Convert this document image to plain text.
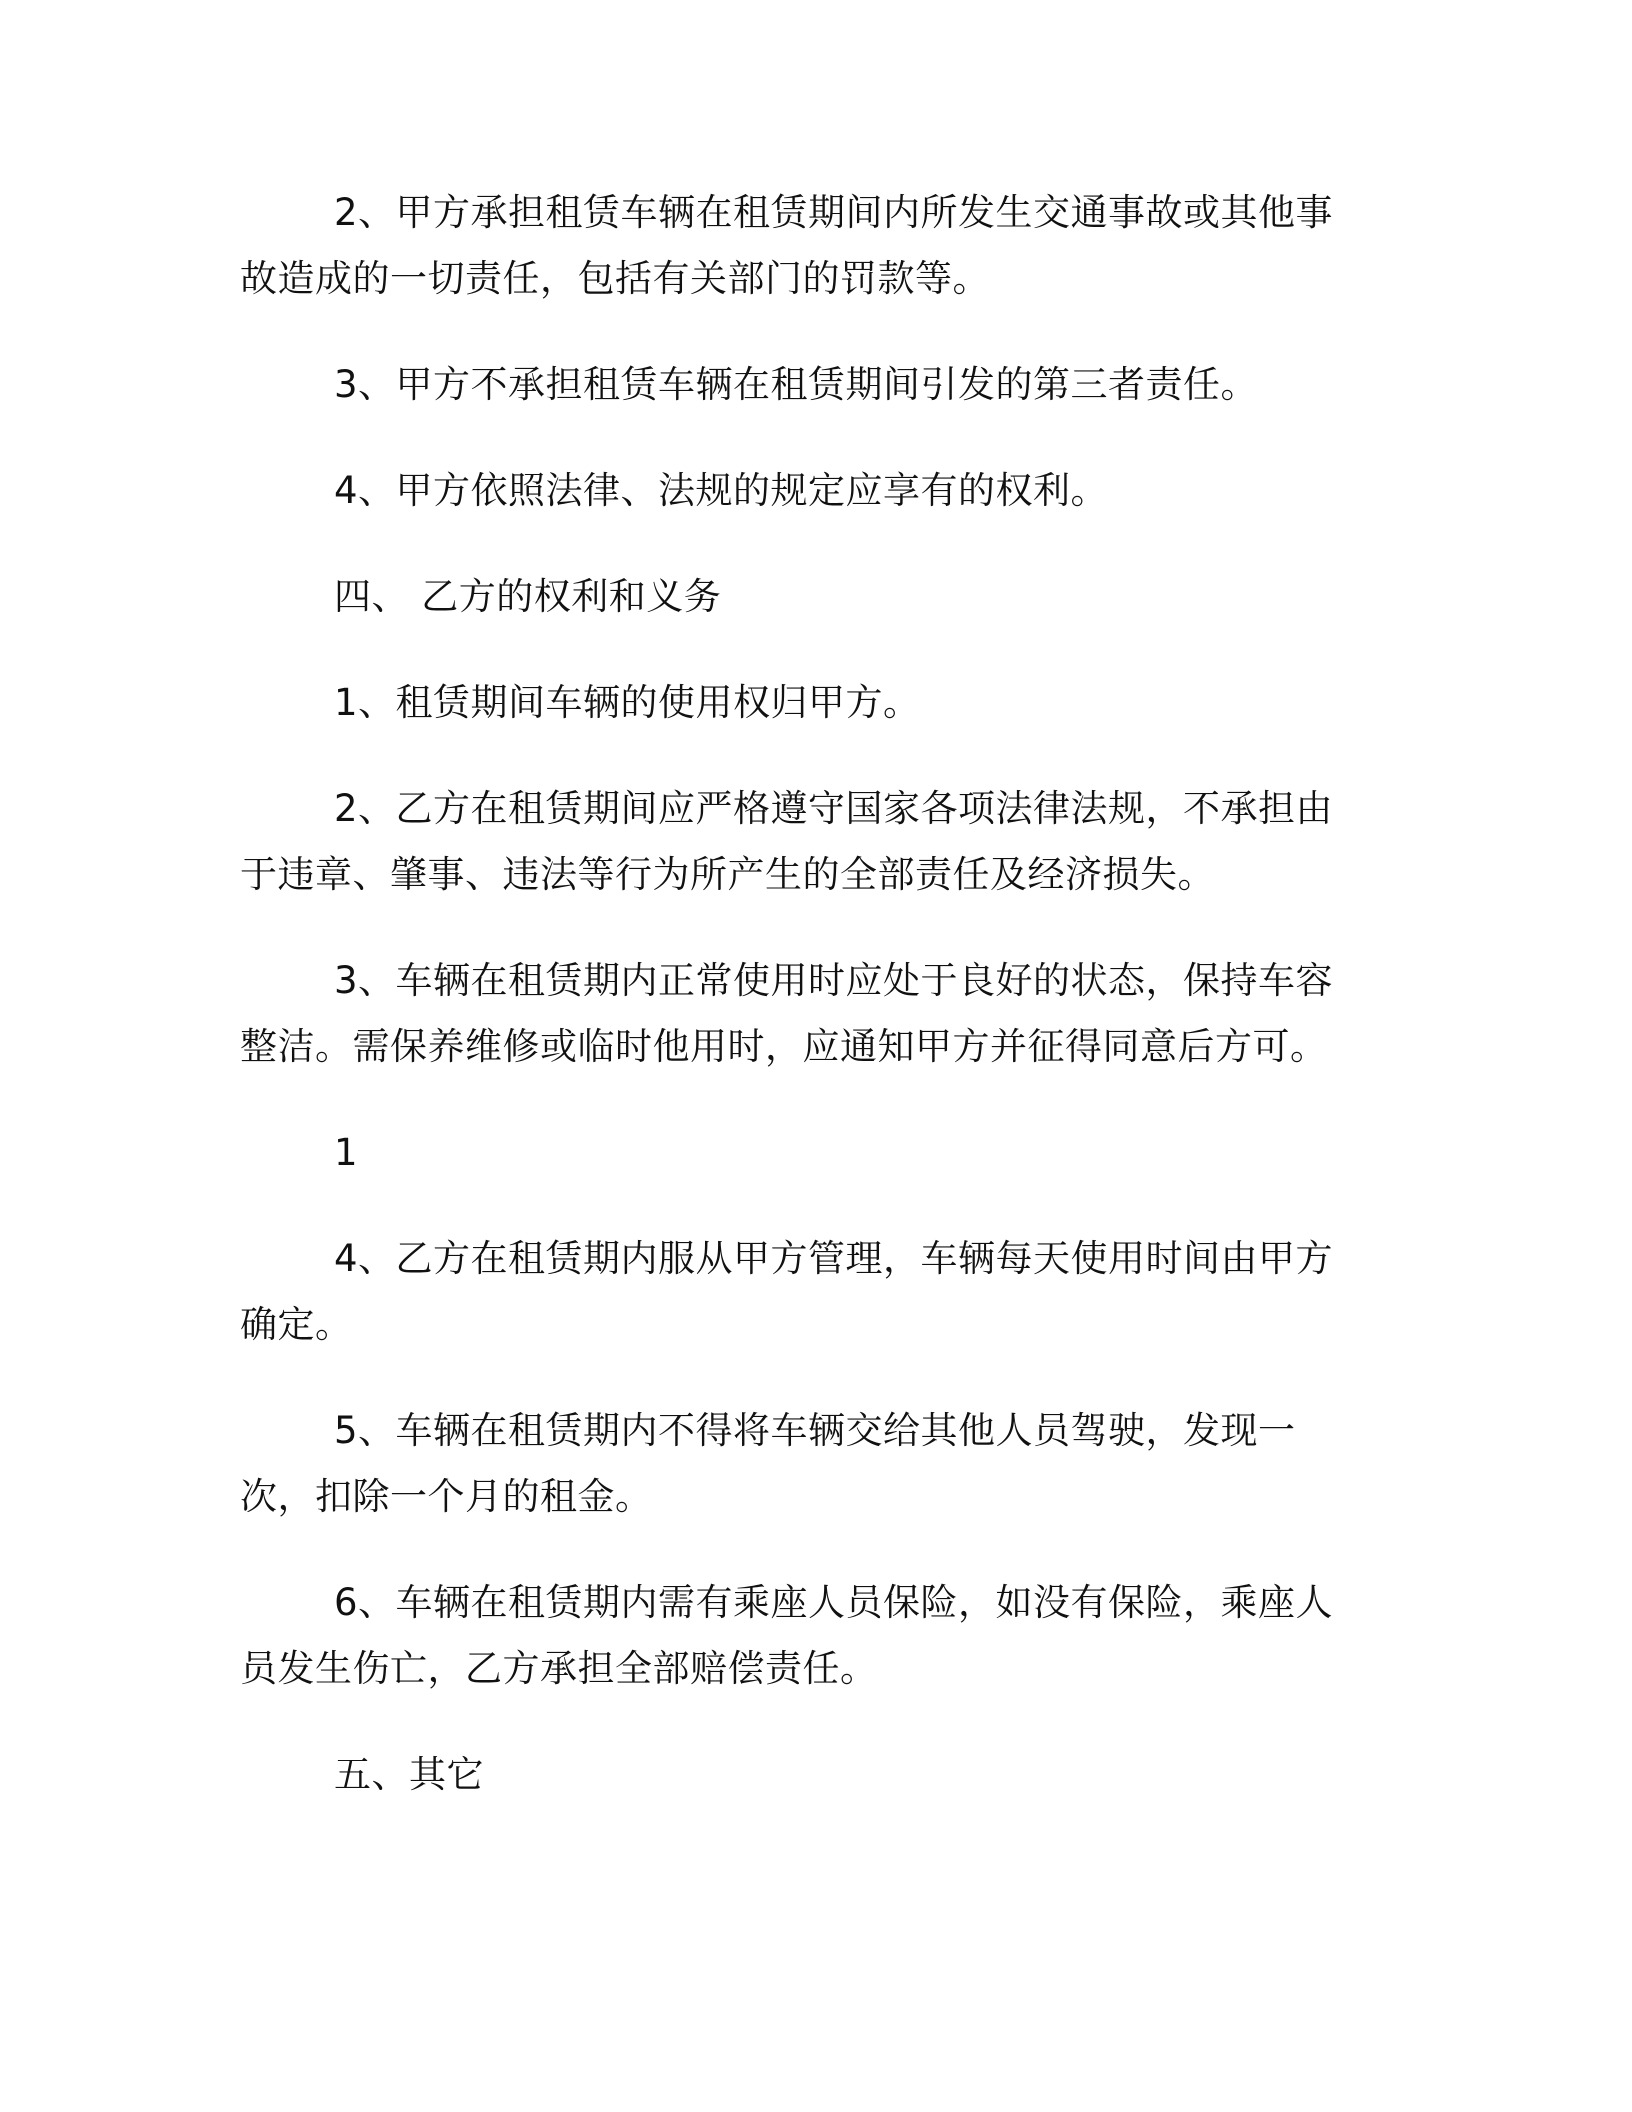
2、甲方承担租赁车辆在租赁期间内所发生交通事故或其他事故造成的一切责任，包括有关部门的罚款等。

3、甲方不承担租赁车辆在租赁期间引发的第三者责任。

4、甲方依照法律、法规的规定应享有的权利。

四、 乙方的权利和义务

1、租赁期间车辆的使用权归甲方。

2、乙方在租赁期间应严格遵守国家各项法律法规，不承担由于违章、肇事、违法等行为所产生的全部责任及经济损失。

3、车辆在租赁期内正常使用时应处于良好的状态，保持车容整洁。需保养维修或临时他用时，应通知甲方并征得同意后方可。

1

4、乙方在租赁期内服从甲方管理，车辆每天使用时间由甲方确定。

5、车辆在租赁期内不得将车辆交给其他人员驾驶，发现一次，扣除一个月的租金。

6、车辆在租赁期内需有乘座人员保险，如没有保险，乘座人员发生伤亡，乙方承担全部赔偿责任。

五、其它
